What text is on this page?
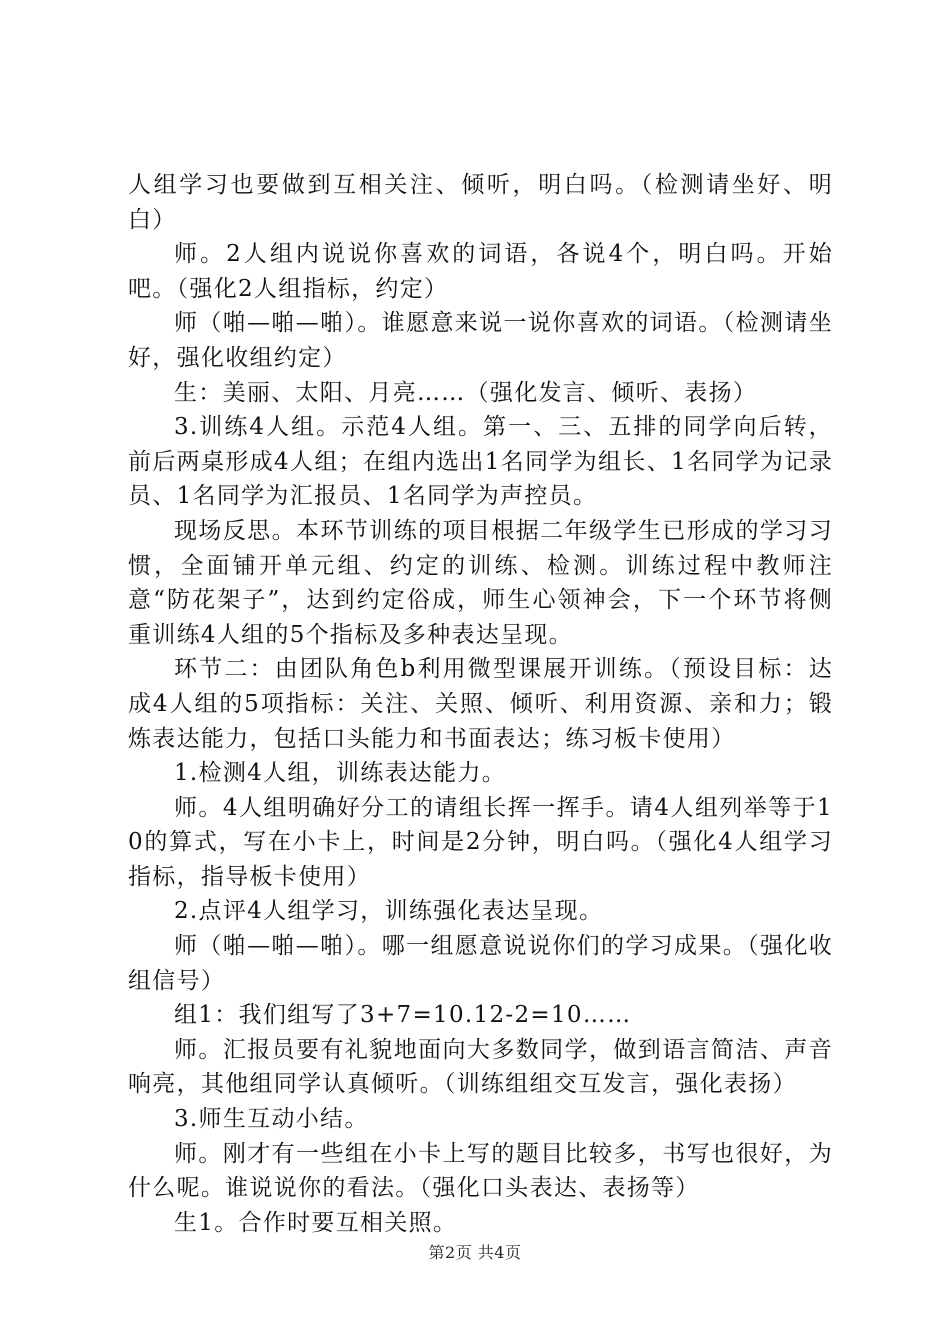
人组学习也要做到互相关注、倾听，明白吗。（检测请坐好、明白）

师。2人组内说说你喜欢的词语，各说4个，明白吗。开始吧。（强化2人组指标，约定）

师（啪—啪—啪）。谁愿意来说一说你喜欢的词语。（检测请坐好，强化收组约定）

生：美丽、太阳、月亮……（强化发言、倾听、表扬）

3.训练4人组。示范4人组。第一、三、五排的同学向后转，前后两桌形成4人组；在组内选出1名同学为组长、1名同学为记录员、1名同学为汇报员、1名同学为声控员。

现场反思。本环节训练的项目根据二年级学生已形成的学习习惯，全面铺开单元组、约定的训练、检测。训练过程中教师注意“防花架子”，达到约定俗成，师生心领神会，下一个环节将侧重训练4人组的5个指标及多种表达呈现。

环节二：由团队角色b利用微型课展开训练。（预设目标：达成4人组的5项指标：关注、关照、倾听、利用资源、亲和力；锻炼表达能力，包括口头能力和书面表达；练习板卡使用）

1.检测4人组，训练表达能力。

师。4人组明确好分工的请组长挥一挥手。请4人组列举等于10的算式，写在小卡上，时间是2分钟，明白吗。（强化4人组学习指标，指导板卡使用）

2.点评4人组学习，训练强化表达呈现。

师（啪—啪—啪）。哪一组愿意说说你们的学习成果。（强化收组信号）

组1：我们组写了3+7=10.12-2=10……

师。汇报员要有礼貌地面向大多数同学，做到语言简洁、声音响亮，其他组同学认真倾听。（训练组组交互发言，强化表扬）

3.师生互动小结。

师。刚才有一些组在小卡上写的题目比较多，书写也很好，为什么呢。谁说说你的看法。（强化口头表达、表扬等）

生1。合作时要互相关照。

第2页 共4页
